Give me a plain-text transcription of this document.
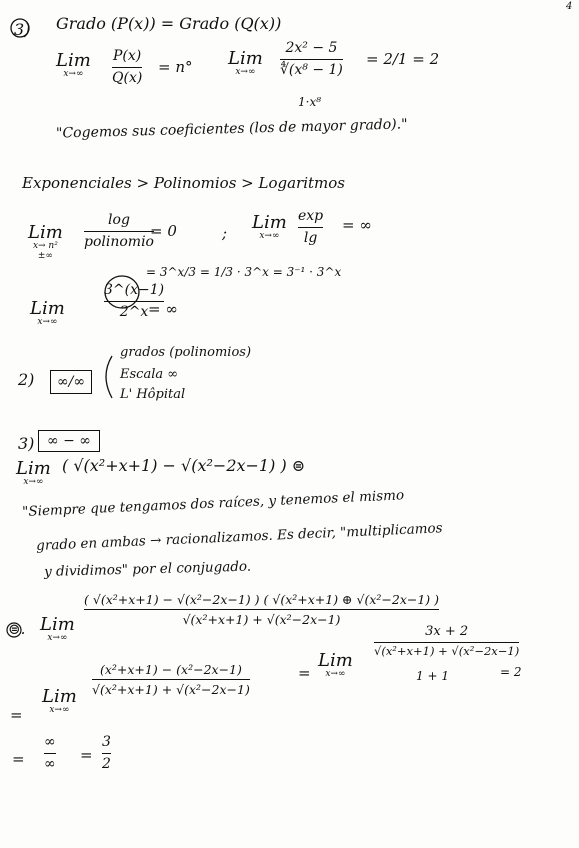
4
3) Grado (P(x)) = Grado (Q(x))
Lim
x→∞
P(x)
Q(x)
= n° Lim
x→∞
2x² − 5
∜(x⁸ − 1)
1·x⁸
= 2/1 = 2
"Cogemos sus coeficientes (los de mayor grado)."
Exponenciales > Polinomios > Logaritmos
Lim
x→ n²
±∞
log
polinomio
= 0	; Lim
x→∞
exp
lg
= ∞
Lim
x→∞
3^(x−1)
2^x = ∞
= 3^x/3 = 1/3 · 3^x = 3⁻¹ · 3^x
2)	∞/∞
grados (polinomios)
Escala ∞
L' Hôpital
3) ∞ − ∞
Lim
x→∞
( √(x²+x+1) − √(x²−2x−1) ) ⊜
"Siempre que tengamos dos raíces, y tenemos el mismo
grado en ambas → racionalizamos. Es decir, "multiplicamos
y dividimos" por el conjugado.
⊜. Lim
x→∞
( √(x²+x+1) − √(x²−2x−1) ) ( √(x²+x+1) ⊕ √(x²−2x−1) )
√(x²+x+1) + √(x²−2x−1)
=
Lim
x→∞
(x²+x+1) − (x²−2x−1)
√(x²+x+1) + √(x²−2x−1)
=
Lim
x→∞
3x + 2
√(x²+x+1) + √(x²−2x−1)
1 + 1	= 2
=
∞
∞
=
3
2
